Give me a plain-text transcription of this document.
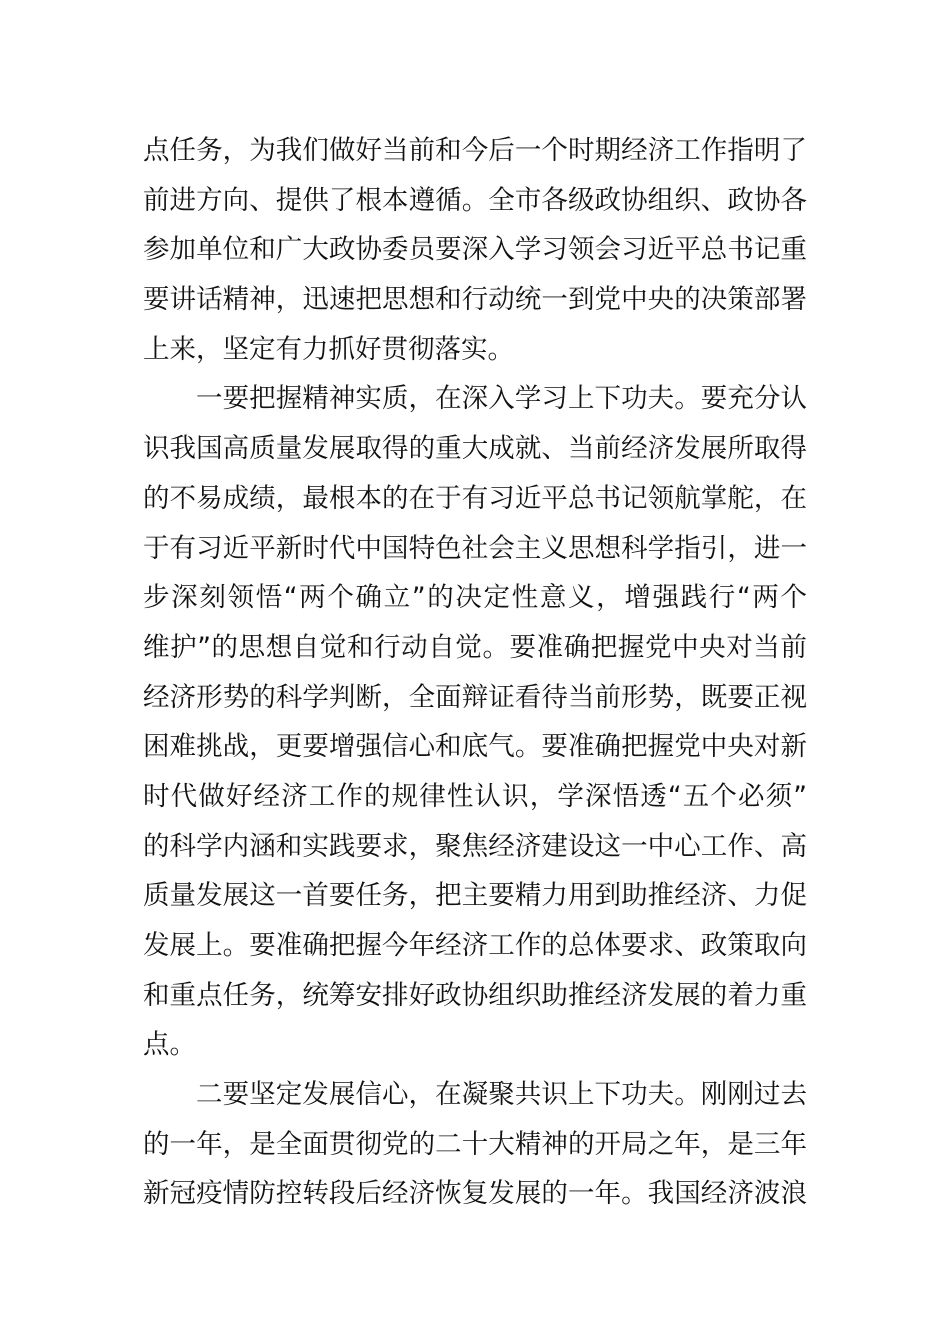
点任务，为我们做好当前和今后一个时期经济工作指明了
前进方向、提供了根本遵循。全市各级政协组织、政协各
参加单位和广大政协委员要深入学习领会习近平总书记重
要讲话精神，迅速把思想和行动统一到党中央的决策部署
上来，坚定有力抓好贯彻落实。
一要把握精神实质，在深入学习上下功夫。要充分认
识我国高质量发展取得的重大成就、当前经济发展所取得
的不易成绩，最根本的在于有习近平总书记领航掌舵，在
于有习近平新时代中国特色社会主义思想科学指引，进一
步深刻领悟“两个确立”的决定性意义，增强践行“两个
维护”的思想自觉和行动自觉。要准确把握党中央对当前
经济形势的科学判断，全面辩证看待当前形势，既要正视
困难挑战，更要增强信心和底气。要准确把握党中央对新
时代做好经济工作的规律性认识，学深悟透“五个必须”
的科学内涵和实践要求，聚焦经济建设这一中心工作、高
质量发展这一首要任务，把主要精力用到助推经济、力促
发展上。要准确把握今年经济工作的总体要求、政策取向
和重点任务，统筹安排好政协组织助推经济发展的着力重
点。
二要坚定发展信心，在凝聚共识上下功夫。刚刚过去
的一年，是全面贯彻党的二十大精神的开局之年，是三年
新冠疫情防控转段后经济恢复发展的一年。我国经济波浪
